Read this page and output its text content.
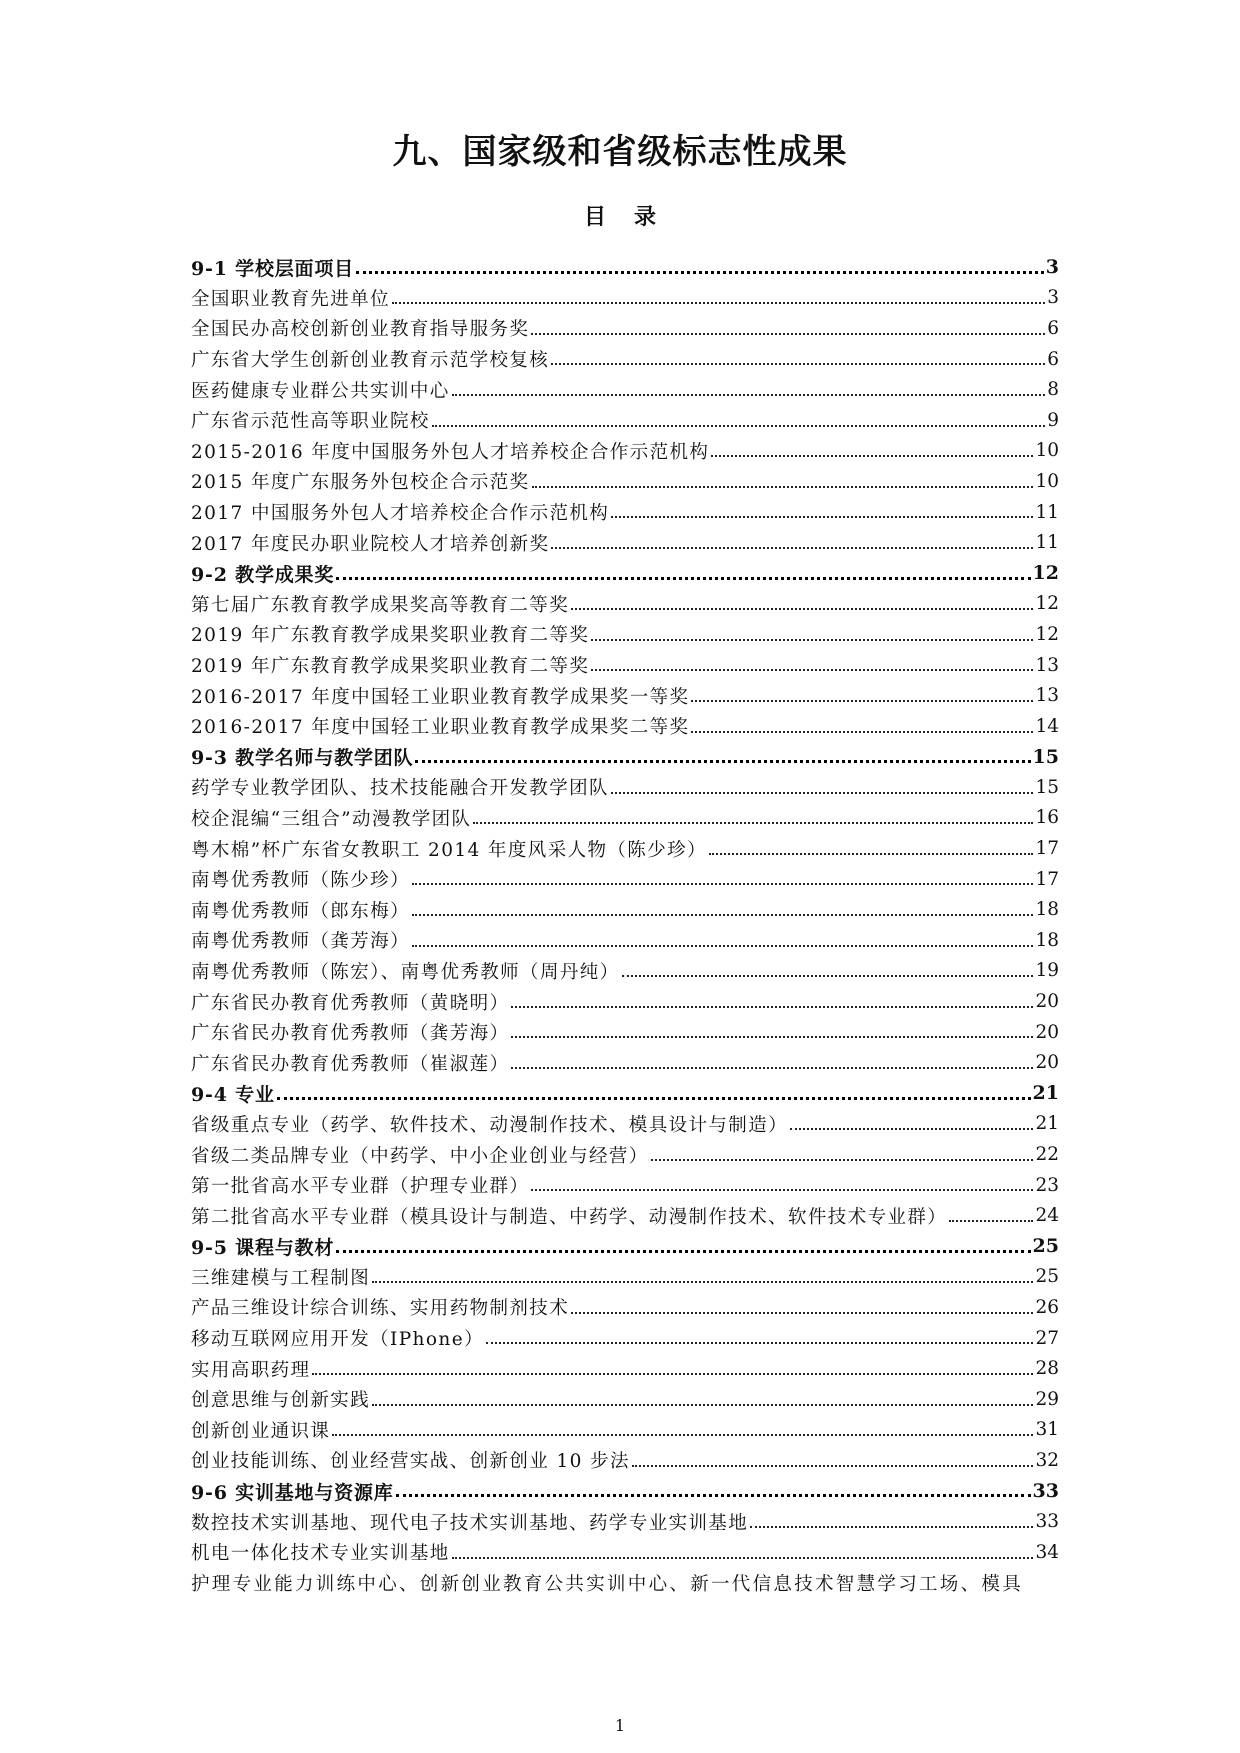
九、国家级和省级标志性成果
目录
9-1 学校层面项目	3
全国职业教育先进单位	3
全国民办高校创新创业教育指导服务奖	6
广东省大学生创新创业教育示范学校复核	6
医药健康专业群公共实训中心	8
广东省示范性高等职业院校	9
2015-2016 年度中国服务外包人才培养校企合作示范机构	10
2015 年度广东服务外包校企合示范奖	10
2017 中国服务外包人才培养校企合作示范机构	11
2017 年度民办职业院校人才培养创新奖	11
9-2 教学成果奖	12
第七届广东教育教学成果奖高等教育二等奖	12
2019 年广东教育教学成果奖职业教育二等奖	12
2019 年广东教育教学成果奖职业教育二等奖	13
2016-2017 年度中国轻工业职业教育教学成果奖一等奖	13
2016-2017 年度中国轻工业职业教育教学成果奖二等奖	14
9-3 教学名师与教学团队	15
药学专业教学团队、技术技能融合开发教学团队	15
校企混编“三组合”动漫教学团队	16
粤木棉”杯广东省女教职工 2014 年度风采人物（陈少珍）	17
南粤优秀教师（陈少珍）	17
南粤优秀教师（郎东梅）	18
南粤优秀教师（龚芳海）	18
南粤优秀教师（陈宏）、南粤优秀教师（周丹纯）	19
广东省民办教育优秀教师（黄晓明）	20
广东省民办教育优秀教师（龚芳海）	20
广东省民办教育优秀教师（崔淑莲）	20
9-4 专业	21
省级重点专业（药学、软件技术、动漫制作技术、模具设计与制造）	21
省级二类品牌专业（中药学、中小企业创业与经营）	22
第一批省高水平专业群（护理专业群）	23
第二批省高水平专业群（模具设计与制造、中药学、动漫制作技术、软件技术专业群）	24
9-5 课程与教材	25
三维建模与工程制图	25
产品三维设计综合训练、实用药物制剂技术	26
移动互联网应用开发（IPhone）	27
实用高职药理	28
创意思维与创新实践	29
创新创业通识课	31
创业技能训练、创业经营实战、创新创业 10 步法	32
9-6 实训基地与资源库	33
数控技术实训基地、现代电子技术实训基地、药学专业实训基地	33
机电一体化技术专业实训基地	34
护理专业能力训练中心、创新创业教育公共实训中心、新一代信息技术智慧学习工场、模具
1
